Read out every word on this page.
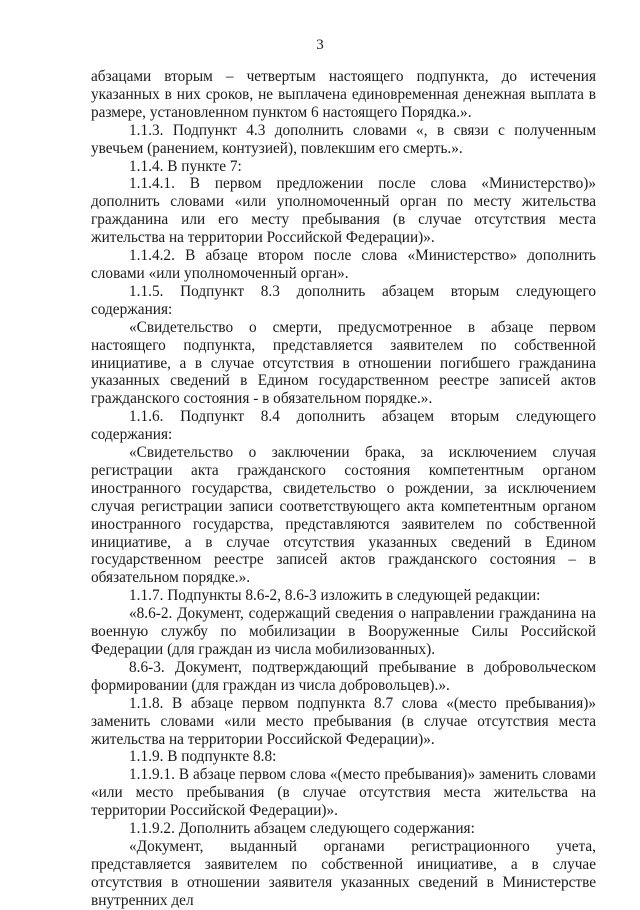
3

абзацами вторым – четвертым настоящего подпункта, до истечения указанных в них сроков, не выплачена единовременная денежная выплата в размере, установленном пунктом 6 настоящего Порядка.».

1.1.3. Подпункт 4.3 дополнить словами «, в связи с полученным увечьем (ранением, контузией), повлекшим его смерть.».

1.1.4. В пункте 7:

1.1.4.1. В первом предложении после слова «Министерство)» дополнить словами «или уполномоченный орган по месту жительства гражданина или его месту пребывания (в случае отсутствия места жительства на территории Российской Федерации)».

1.1.4.2. В абзаце втором после слова «Министерство» дополнить словами «или уполномоченный орган».

1.1.5. Подпункт 8.3 дополнить абзацем вторым следующего содержания:

«Свидетельство о смерти, предусмотренное в абзаце первом настоящего подпункта, представляется заявителем по собственной инициативе, а в случае отсутствия в отношении погибшего гражданина указанных сведений в Едином государственном реестре записей актов гражданского состояния - в обязательном порядке.».

1.1.6. Подпункт 8.4 дополнить абзацем вторым следующего содержания:

«Свидетельство о заключении брака, за исключением случая регистрации акта гражданского состояния компетентным органом иностранного государства, свидетельство о рождении, за исключением случая регистрации записи соответствующего акта компетентным органом иностранного государства, представляются заявителем по собственной инициативе, а в случае отсутствия указанных сведений в Едином государственном реестре записей актов гражданского состояния – в обязательном порядке.».

1.1.7. Подпункты 8.6-2, 8.6-3 изложить в следующей редакции:

«8.6-2. Документ, содержащий сведения о направлении гражданина на военную службу по мобилизации в Вооруженные Силы Российской Федерации (для граждан из числа мобилизованных).

8.6-3. Документ, подтверждающий пребывание в добровольческом формировании (для граждан из числа добровольцев).».

1.1.8. В абзаце первом подпункта 8.7 слова «(место пребывания)» заменить словами «или место пребывания (в случае отсутствия места жительства на территории Российской Федерации)».

1.1.9. В подпункте 8.8:

1.1.9.1. В абзаце первом слова «(место пребывания)» заменить словами «или место пребывания (в случае отсутствия места жительства на территории Российской Федерации)».

1.1.9.2. Дополнить абзацем следующего содержания:

«Документ, выданный органами регистрационного учета, представляется заявителем по собственной инициативе, а в случае отсутствия в отношении заявителя указанных сведений в Министерстве внутренних дел
